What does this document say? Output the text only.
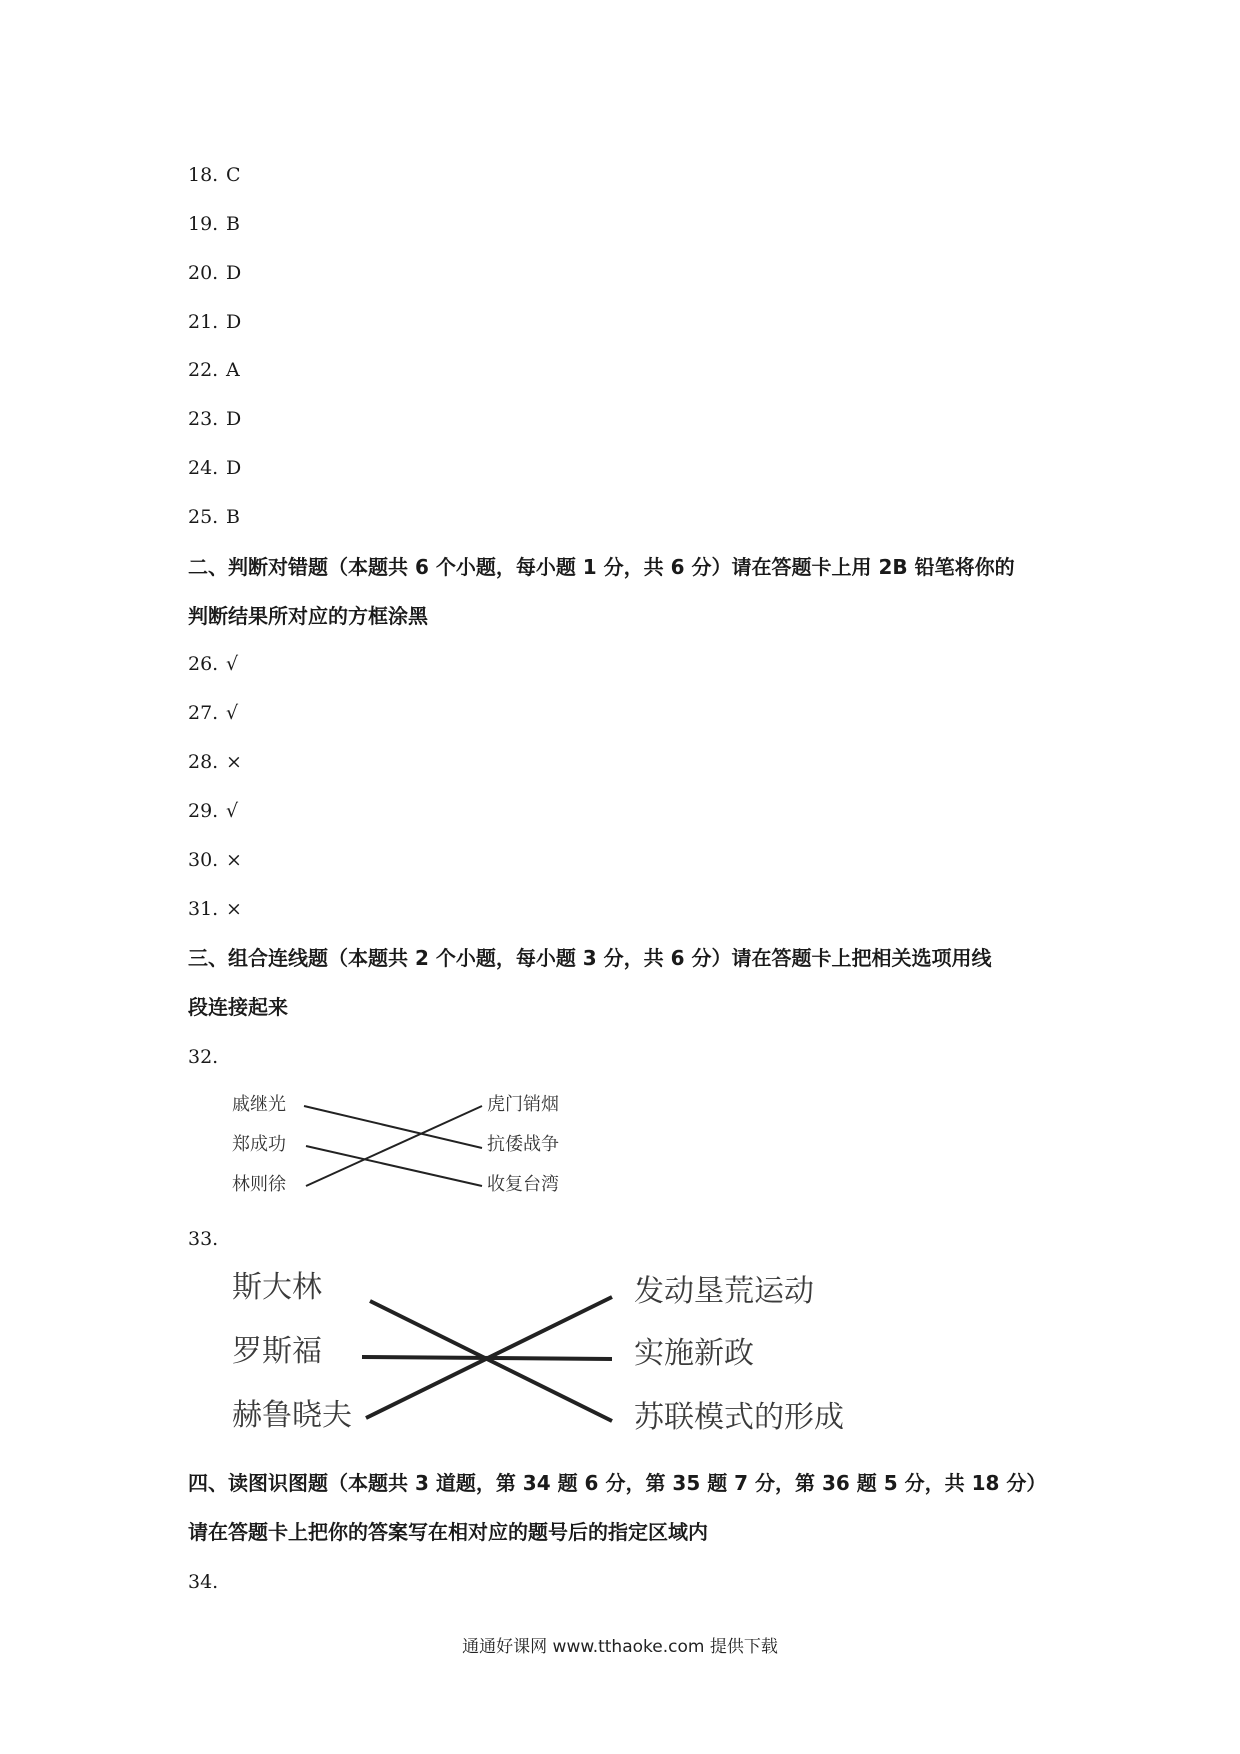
18. C
19. B
20. D
21. D
22. A
23. D
24. D
25. B
二、判断对错题（本题共 6 个小题，每小题 1 分，共 6 分）请在答题卡上用 2B 铅笔将你的
判断结果所对应的方框涂黑
26. √
27. √
28. ×
29. √
30. ×
31. ×
三、组合连线题（本题共 2 个小题，每小题 3 分，共 6 分）请在答题卡上把相关选项用线
段连接起来
32.
戚继光
郑成功
林则徐
虎门销烟
抗倭战争
收复台湾
33.
斯大林
罗斯福
赫鲁晓夫
发动垦荒运动
实施新政
苏联模式的形成
四、读图识图题（本题共 3 道题，第 34 题 6 分，第 35 题 7 分，第 36 题 5 分，共 18 分）
请在答题卡上把你的答案写在相对应的题号后的指定区域内
34.
通通好课网 www.tthaoke.com 提供下载
